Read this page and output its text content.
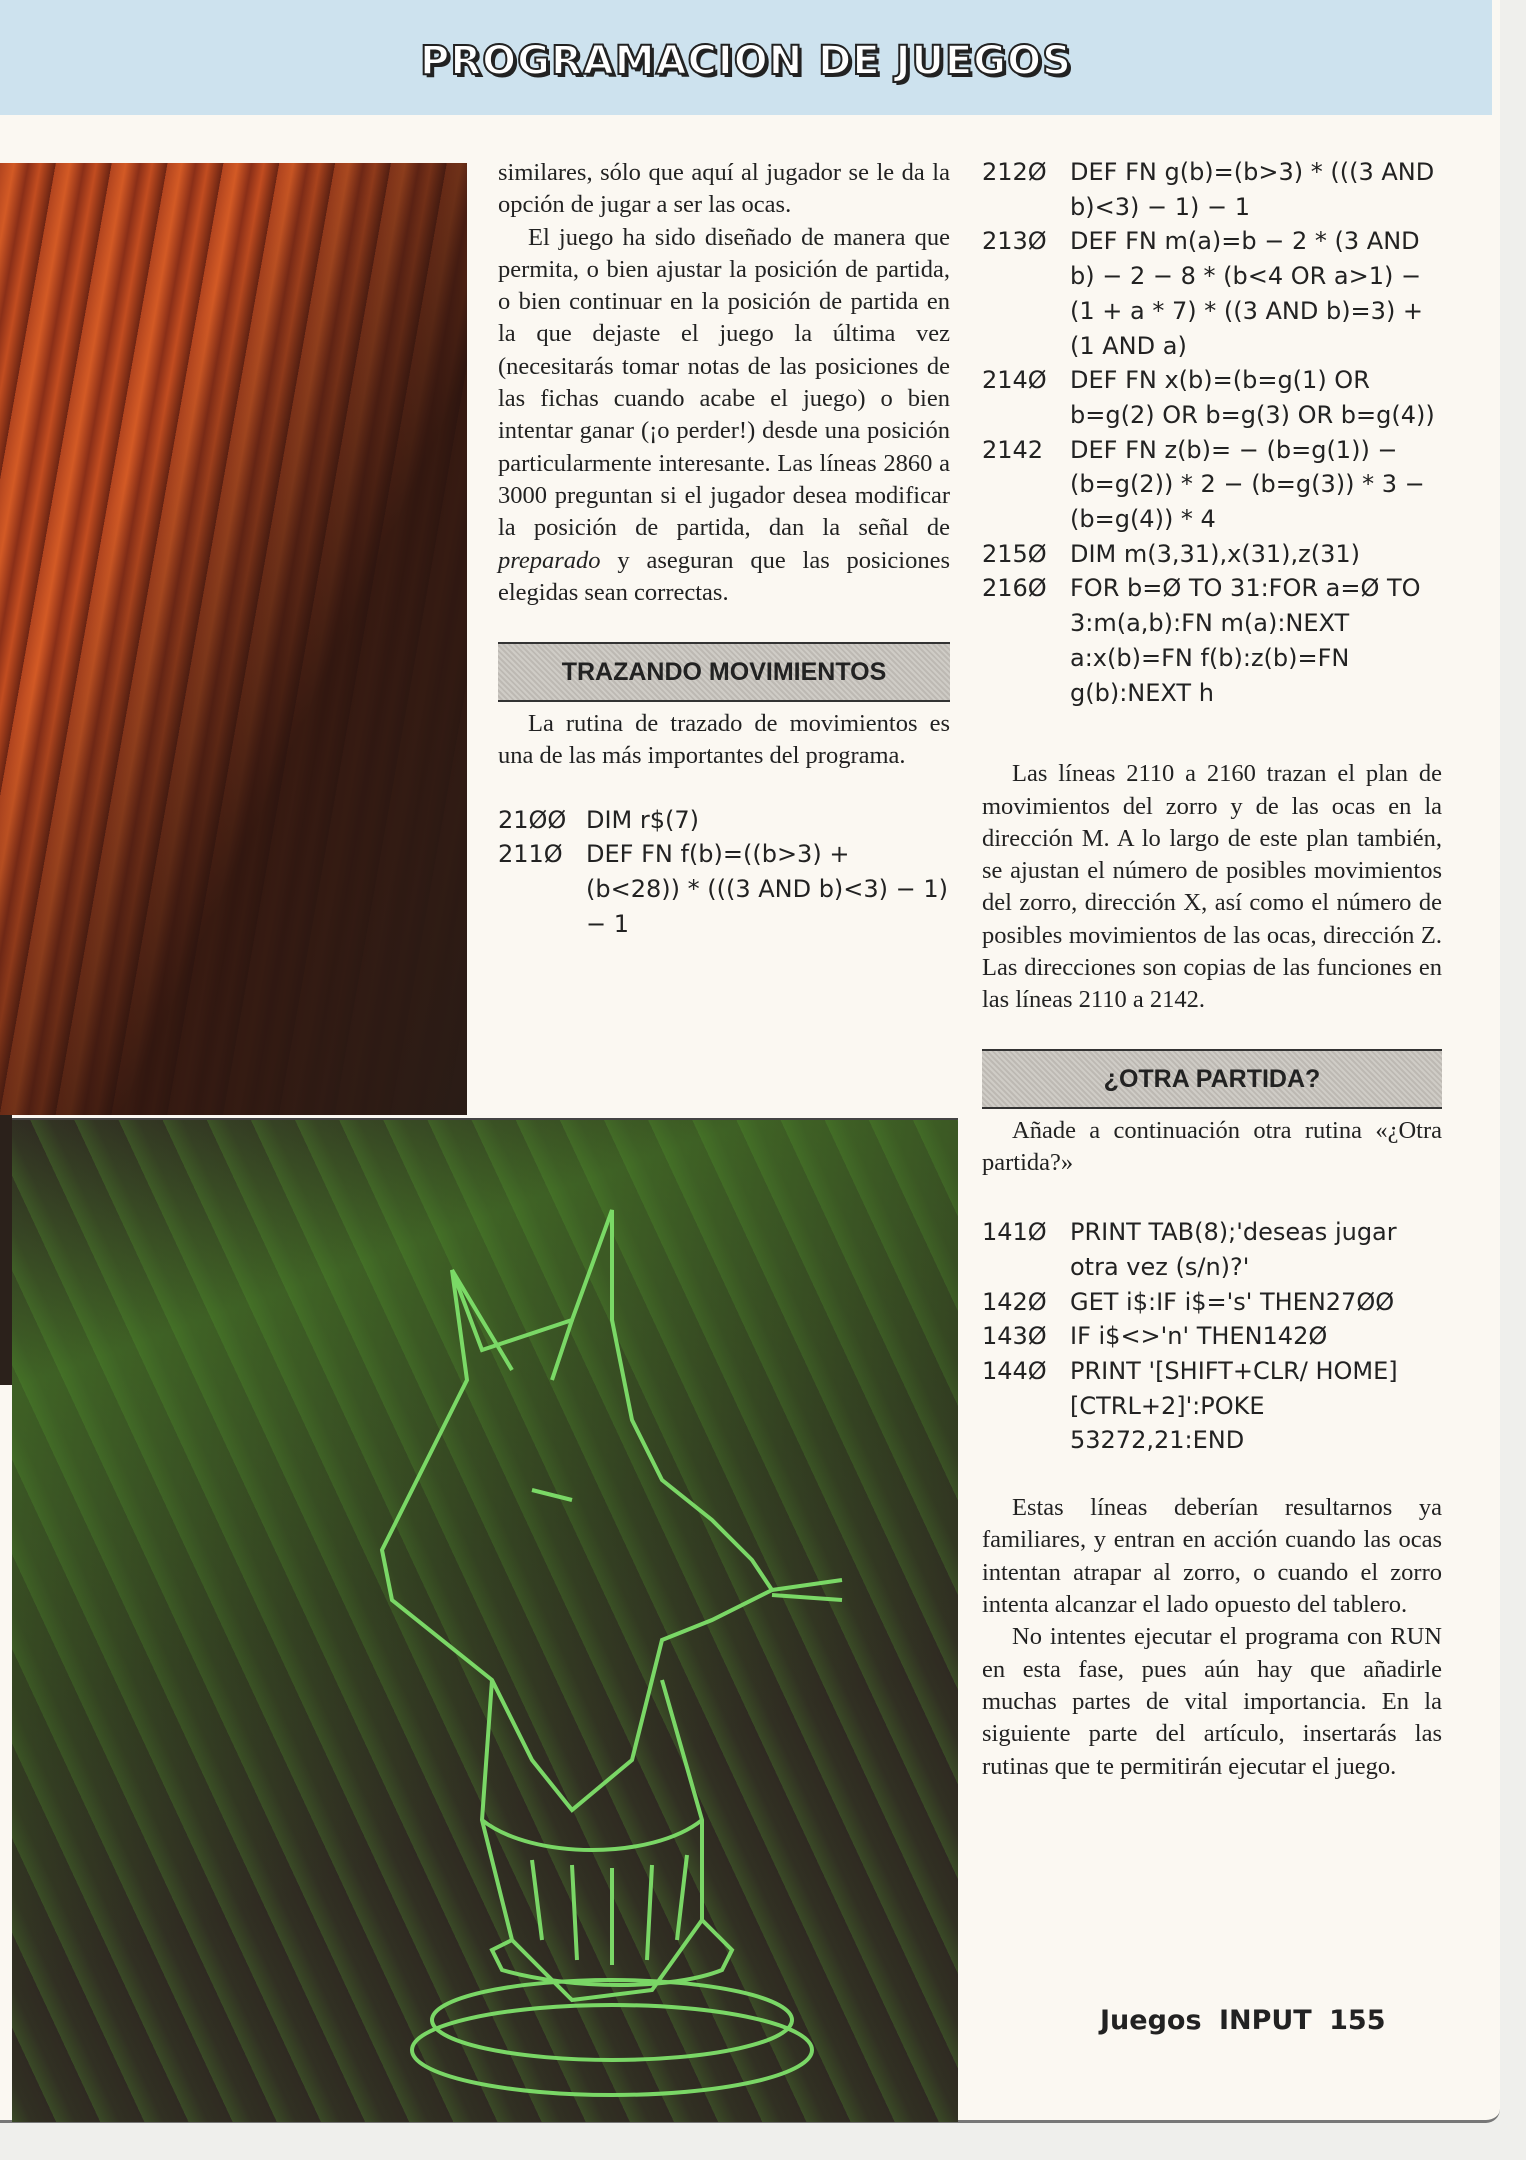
PROGRAMACION DE JUEGOS

similares, sólo que aquí al jugador se le da la opción de jugar a ser las ocas.

El juego ha sido diseñado de manera que permita, o bien ajustar la posición de partida, o bien continuar en la posición de partida en la que dejaste el juego la última vez (necesitarás tomar notas de las posiciones de las fichas cuando acabe el juego) o bien intentar ganar (¡o perder!) desde una posición particularmente interesante. Las líneas 2860 a 3000 preguntan si el jugador desea modificar la posición de partida, dan la señal de preparado y aseguran que las posiciones elegidas sean correctas.

TRAZANDO MOVIMIENTOS

La rutina de trazado de movimientos es una de las más importantes del programa.

21ØØ DIM r$(7)
211Ø DEF FN f(b)=((b>3) + (b<28)) * (((3 AND b)<3) − 1) − 1
212Ø DEF FN g(b)=(b>3) * (((3 AND b)<3) − 1) − 1
213Ø DEF FN m(a)=b − 2 * (3 AND b) − 2 − 8 * (b<4 OR a>1) − (1 + a * 7) * ((3 AND b)=3) + (1 AND a)
214Ø DEF FN x(b)=(b=g(1) OR b=g(2) OR b=g(3) OR b=g(4))
2142	DEF FN z(b)= − (b=g(1)) − (b=g(2)) * 2 − (b=g(3)) * 3 − (b=g(4)) * 4
215Ø DIM m(3,31),x(31),z(31)
216Ø FOR b=Ø TO 31:FOR a=Ø TO 3:m(a,b):FN m(a):NEXT a:x(b)=FN f(b):z(b)=FN g(b):NEXT h

Las líneas 2110 a 2160 trazan el plan de movimientos del zorro y de las ocas en la dirección M. A lo largo de este plan también, se ajustan el número de posibles movimientos del zorro, dirección X, así como el número de posibles movimientos de las ocas, dirección Z. Las direcciones son copias de las funciones en las líneas 2110 a 2142.

¿OTRA PARTIDA?

Añade a continuación otra rutina «¿Otra partida?»

141Ø PRINT TAB(8);'deseas jugar otra vez (s/n)?'
142Ø GET i$:IF i$='s' THEN27ØØ
143Ø IF i$<>'n' THEN142Ø
144Ø PRINT '[SHIFT+CLR/ HOME][CTRL+2]':POKE 53272,21:END

Estas líneas deberían resultarnos ya familiares, y entran en acción cuando las ocas intentan atrapar al zorro, o cuando el zorro intenta alcanzar el lado opuesto del tablero.

No intentes ejecutar el programa con RUN en esta fase, pues aún hay que añadirle muchas partes de vital importancia. En la siguiente parte del artículo, insertarás las rutinas que te permitirán ejecutar el juego.

Juegos INPUT 155
